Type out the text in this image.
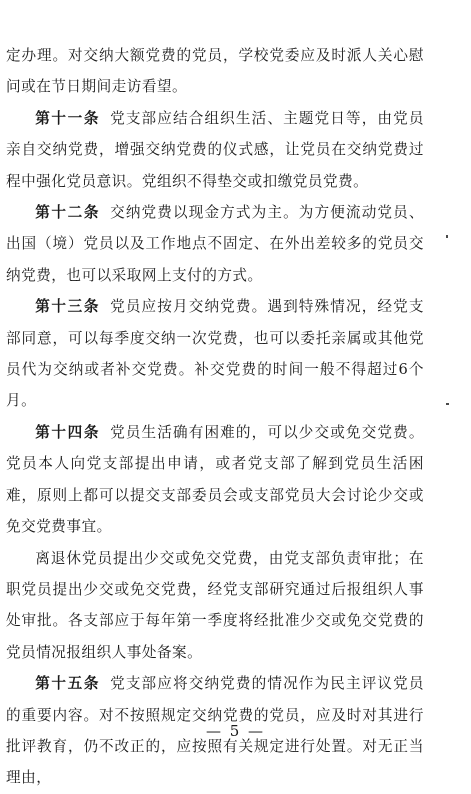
定办理。对交纳大额党费的党员，学校党委应及时派人关心慰问或在节日期间走访看望。

第十一条 党支部应结合组织生活、主题党日等，由党员亲自交纳党费，增强交纳党费的仪式感，让党员在交纳党费过程中强化党员意识。党组织不得垫交或扣缴党员党费。

第十二条 交纳党费以现金方式为主。为方便流动党员、出国（境）党员以及工作地点不固定、在外出差较多的党员交纳党费，也可以采取网上支付的方式。

第十三条 党员应按月交纳党费。遇到特殊情况，经党支部同意，可以每季度交纳一次党费，也可以委托亲属或其他党员代为交纳或者补交党费。补交党费的时间一般不得超过6个月。

第十四条 党员生活确有困难的，可以少交或免交党费。党员本人向党支部提出申请，或者党支部了解到党员生活困难，原则上都可以提交支部委员会或支部党员大会讨论少交或免交党费事宜。

离退休党员提出少交或免交党费，由党支部负责审批；在职党员提出少交或免交党费，经党支部研究通过后报组织人事处审批。各支部应于每年第一季度将经批准少交或免交党费的党员情况报组织人事处备案。

第十五条 党支部应将交纳党费的情况作为民主评议党员的重要内容。对不按照规定交纳党费的党员，应及时对其进行批评教育，仍不改正的，应按照有关规定进行处置。对无正当理由，

— 5 —
